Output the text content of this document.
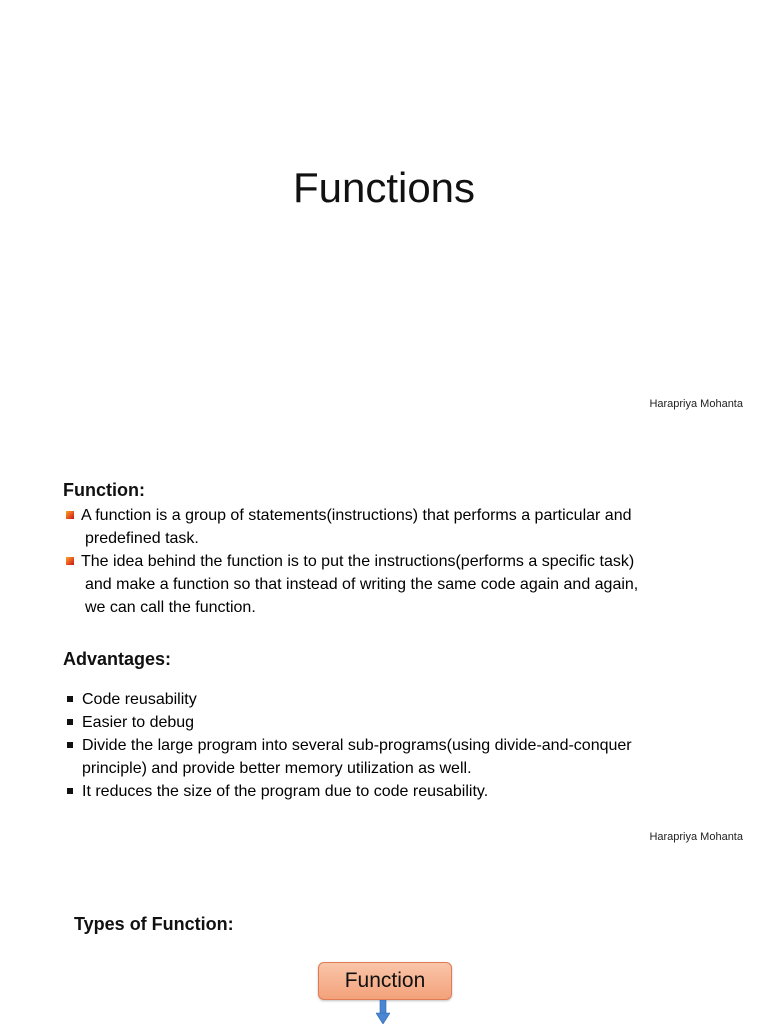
Functions
Harapriya Mohanta
Function:
A function is a group of statements(instructions) that performs a particular and
predefined task.
The idea behind the function is to put the instructions(performs a specific task)
and make a function so that instead of writing the same code again and again,
we can call the function.
Advantages:
Code reusability
Easier to debug
Divide the large program into several sub-programs(using divide-and-conquer
principle) and provide better memory utilization as well.
It reduces the size of the program due to code reusability.
Harapriya Mohanta
Types of Function:
Function
